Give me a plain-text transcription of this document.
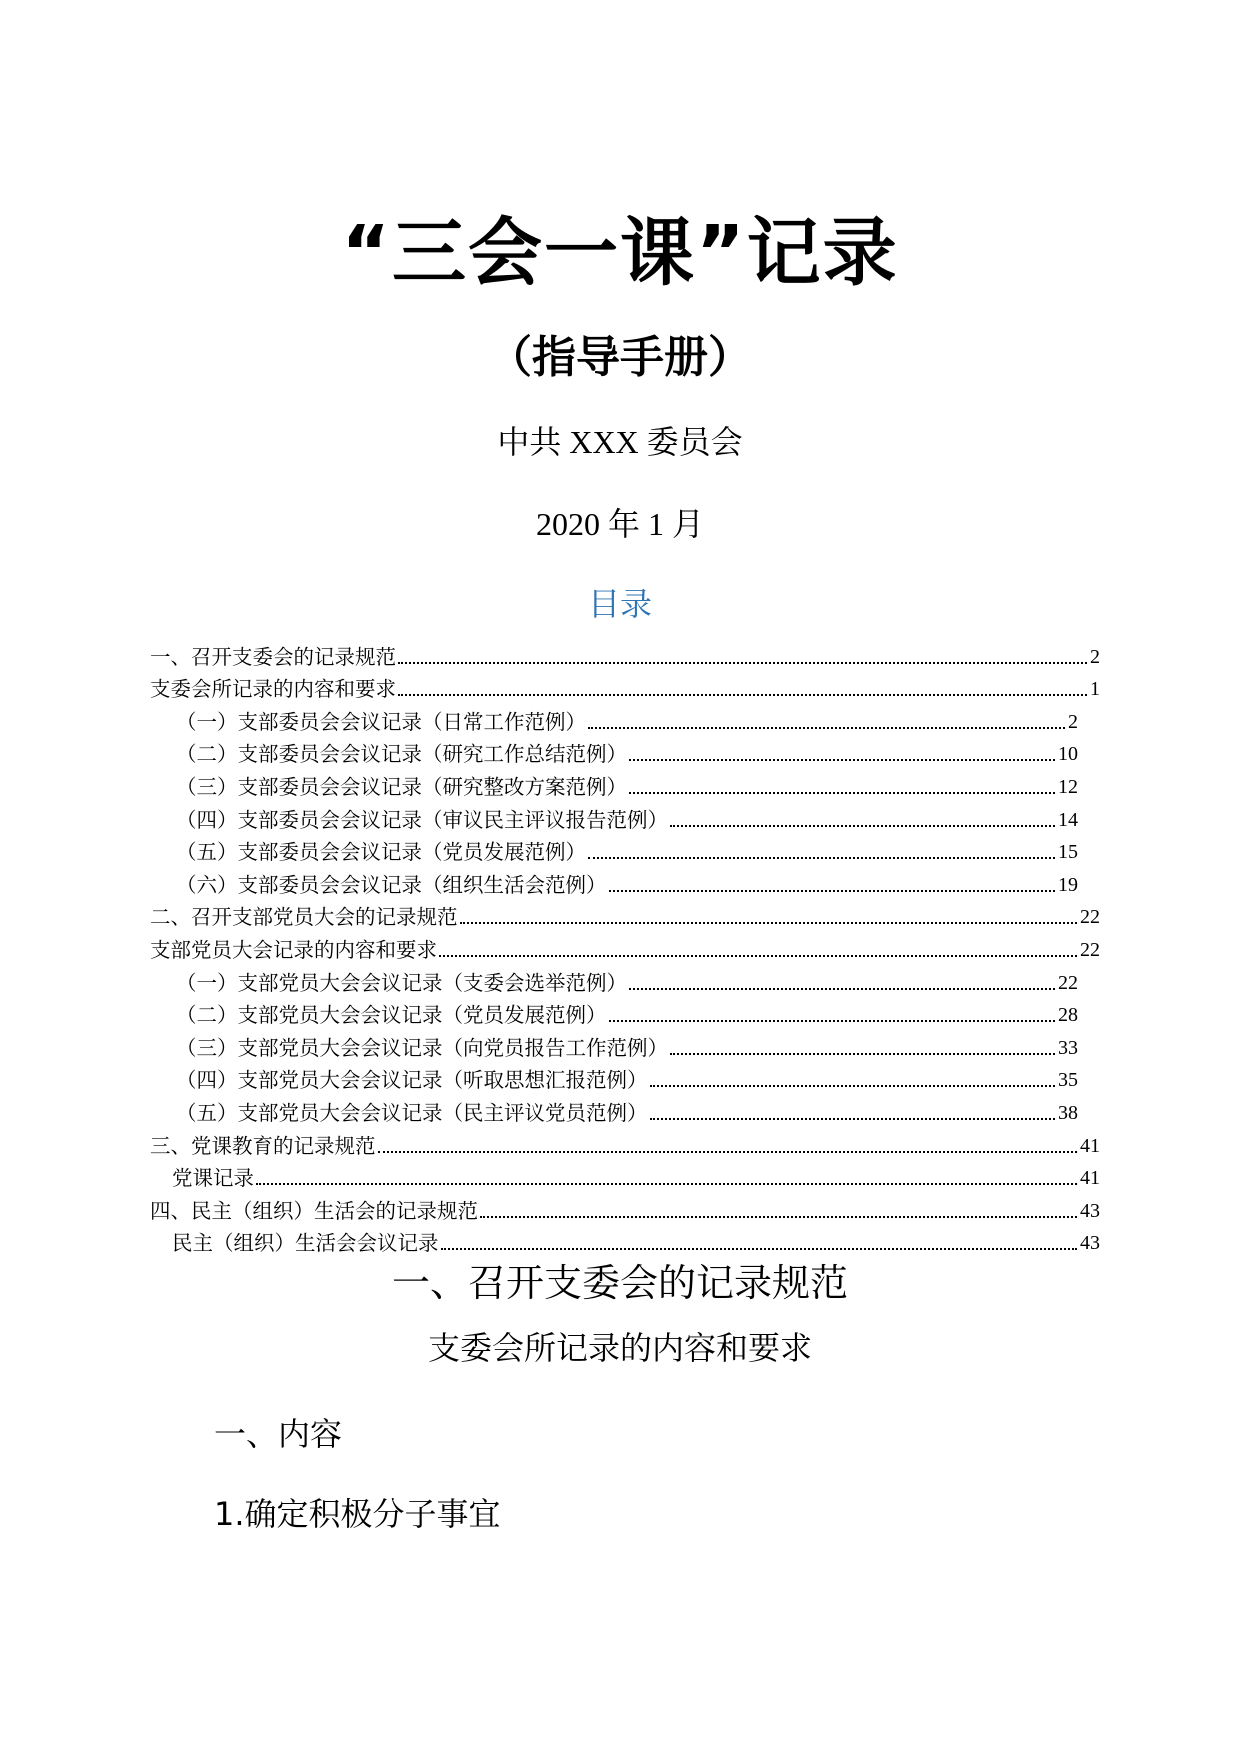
“三会一课”记录
（指导手册）
中共 XXX 委员会
2020 年 1 月
目录
一、召开支委会的记录规范	2
支委会所记录的内容和要求	1
（一）支部委员会会议记录（日常工作范例）	2
（二）支部委员会会议记录（研究工作总结范例）	10
（三）支部委员会会议记录（研究整改方案范例）	12
（四）支部委员会会议记录（审议民主评议报告范例）	14
（五）支部委员会会议记录（党员发展范例）	15
（六）支部委员会会议记录（组织生活会范例）	19
二、召开支部党员大会的记录规范	22
支部党员大会记录的内容和要求	22
（一）支部党员大会会议记录（支委会选举范例）	22
（二）支部党员大会会议记录（党员发展范例）	28
（三）支部党员大会会议记录（向党员报告工作范例）	33
（四）支部党员大会会议记录（听取思想汇报范例）	35
（五）支部党员大会会议记录（民主评议党员范例）	38
三、党课教育的记录规范	41
党课记录	41
四、民主（组织）生活会的记录规范	43
民主（组织）生活会会议记录	43
一、召开支委会的记录规范
支委会所记录的内容和要求
一、内容
1.确定积极分子事宜
